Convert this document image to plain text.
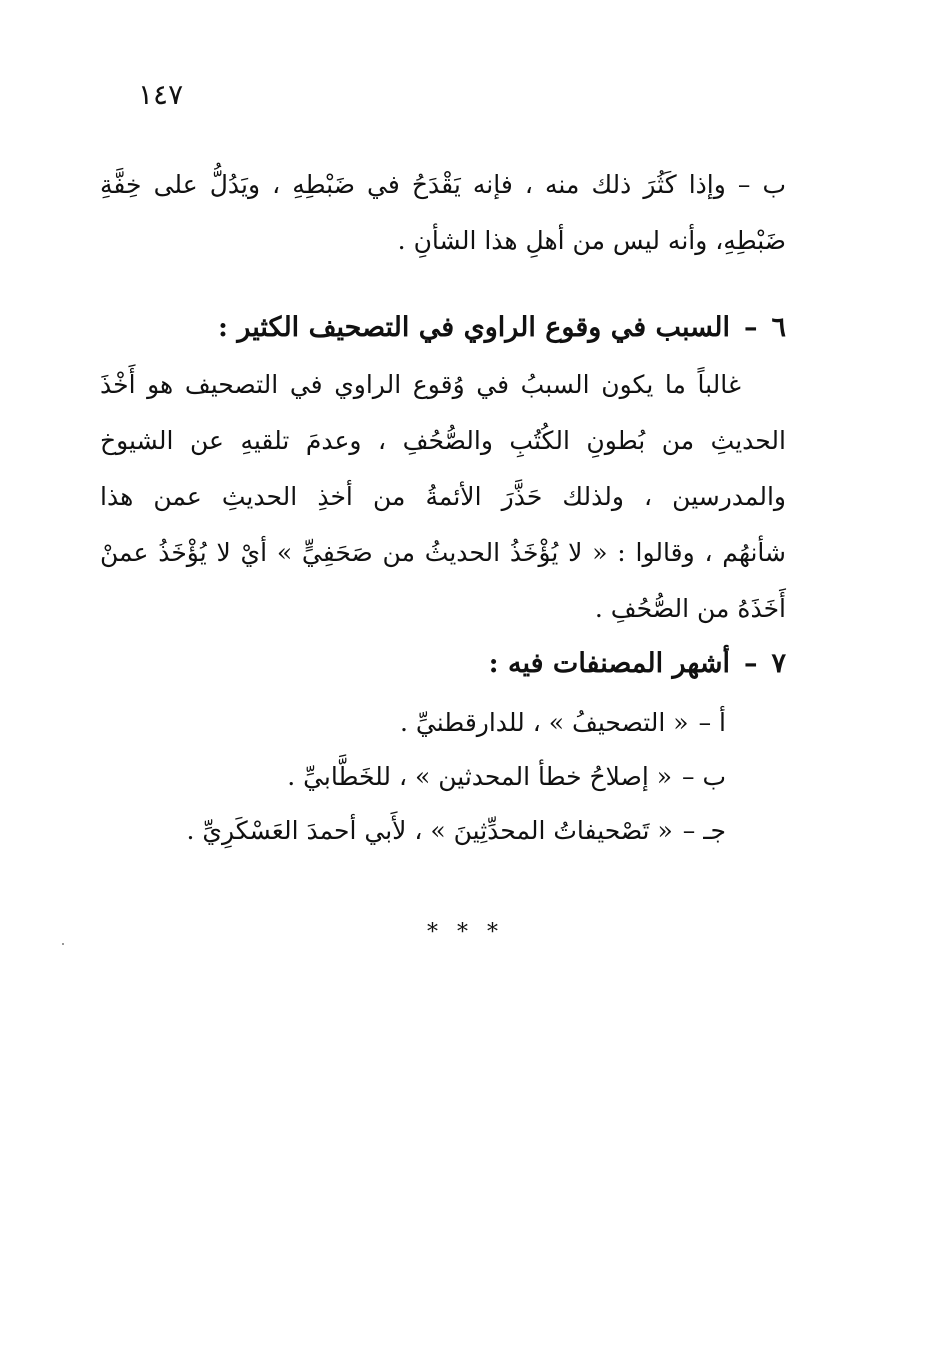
١٤٧
ب – وإذا كَثُرَ ذلك منه ، فإنه يَقْدَحُ في ضَبْطِهِ ، ويَدُلُّ على خِفَّةِ
ضَبْطِهِ، وأنه ليس من أهلِ هذا الشأنِ .
٦–السبب في وقوع الراوي في التصحيف الكثير :
غالباً ما يكون السببُ في وُقوع الراوي في التصحيف هو أَخْذَ
الحديثِ من بُطونِ الكُتُبِ والصُّحُفِ ، وعدمَ تلقيهِ عن الشيوخ
والمدرسين ، ولذلك حَذَّرَ الأئمةُ من أخذِ الحديثِ عمن هذا
شأنهُم ، وقالوا : « لا يُؤْخَذُ الحديثُ من صَحَفِيٍّ » أيْ لا يُؤْخَذُ عمنْ
أَخَذَهُ من الصُّحُفِ .
٧–أشهر المصنفات فيه :
أ –« التصحيفُ » ، للدارقطنيِّ .
ب –« إصلاحُ خطأ المحدثين » ، للخَطَّابيِّ .
جـ –« تَصْحيفاتُ المحدِّثِينَ » ، لأَبي أحمدَ العَسْكَرِيِّ .
* * *
